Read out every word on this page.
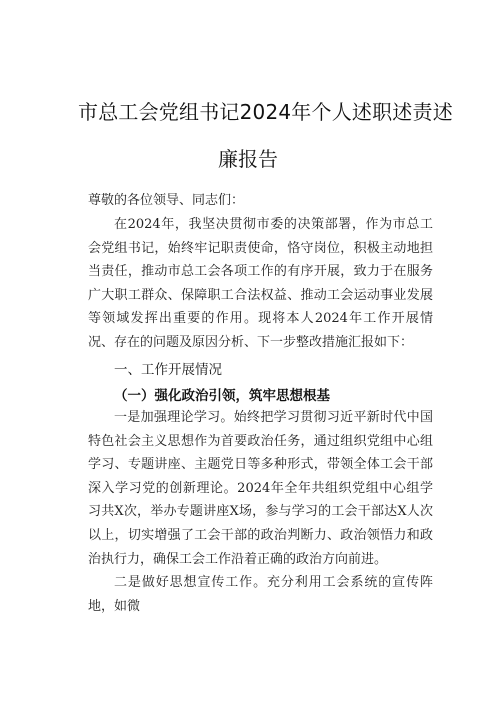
市总工会党组书记2024年个人述职述责述
廉报告
尊敬的各位领导、同志们：
在2024年，我坚决贯彻市委的决策部署，作为市总工会党组书记，始终牢记职责使命，恪守岗位，积极主动地担当责任，推动市总工会各项工作的有序开展，致力于在服务广大职工群众、保障职工合法权益、推动工会运动事业发展等领域发挥出重要的作用。现将本人2024年工作开展情况、存在的问题及原因分析、下一步整改措施汇报如下：
一、工作开展情况
（一）强化政治引领，筑牢思想根基
一是加强理论学习。始终把学习贯彻习近平新时代中国特色社会主义思想作为首要政治任务，通过组织党组中心组学习、专题讲座、主题党日等多种形式，带领全体工会干部深入学习党的创新理论。2024年全年共组织党组中心组学习共X次，举办专题讲座X场，参与学习的工会干部达X人次以上，切实增强了工会干部的政治判断力、政治领悟力和政治执行力，确保工会工作沿着正确的政治方向前进。
二是做好思想宣传工作。充分利用工会系统的宣传阵地，如微
